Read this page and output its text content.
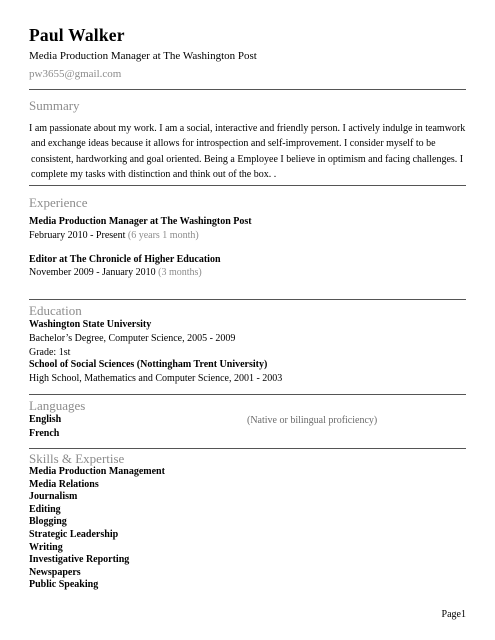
Paul Walker
Media Production Manager at The Washington Post
pw3655@gmail.com
Summary
I am passionate about my work. I am a social, interactive and friendly person. I actively indulge in teamwork
and exchange ideas because it allows for introspection and self-improvement. I consider myself to be
consistent, hardworking and goal oriented. Being a Employee I believe in optimism and facing challenges. I
complete my tasks with distinction and think out of the box. .
Experience
Media Production Manager at The Washington Post
February 2010 - Present (6 years 1 month)
Editor at The Chronicle of Higher Education
November 2009 - January 2010 (3 months)
Education
Washington State University
Bachelor’s Degree, Computer Science, 2005 - 2009
Grade: 1st
School of Social Sciences (Nottingham Trent University)
High School, Mathematics and Computer Science, 2001 - 2003
Languages
English	(Native or bilingual proficiency)
French
Skills & Expertise
Media Production Management
Media Relations
Journalism
Editing
Blogging
Strategic Leadership
Writing
Investigative Reporting
Newspapers
Public Speaking
Page1
